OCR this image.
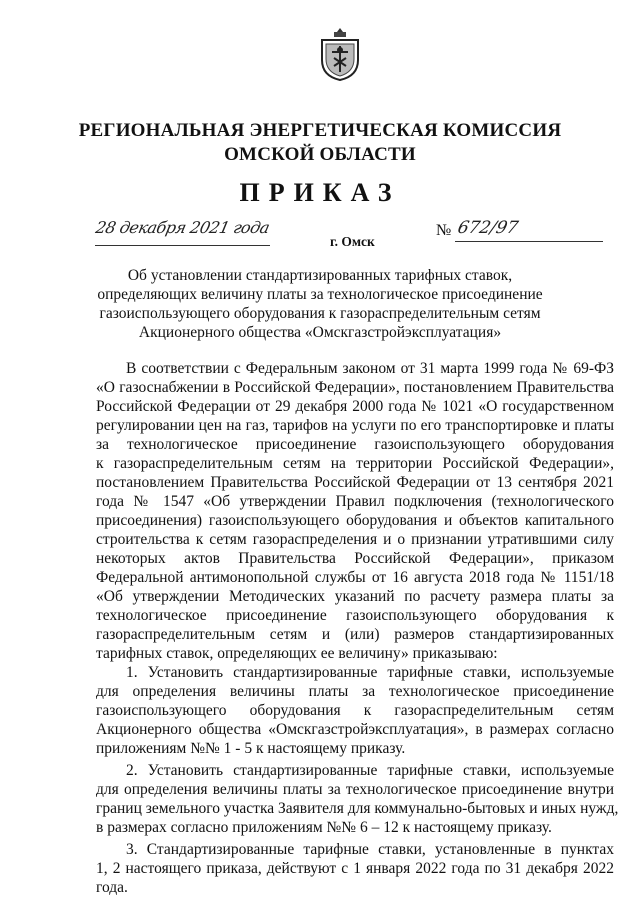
РЕГИОНАЛЬНАЯ ЭНЕРГЕТИЧЕСКАЯ КОМИССИЯ
ОМСКОЙ ОБЛАСТИ
ПРИКАЗ
28 декабря 2021 года
г. Омск
№ 672/97
Об установлении стандартизированных тарифных ставок,
определяющих величину платы за технологическое присоединение
газоиспользующего оборудования к газораспределительным сетям
Акционерного общества «Омскгазстройэксплуатация»
В соответствии с Федеральным законом от 31 марта 1999 года № 69-ФЗ
«О газоснабжении в Российской Федерации», постановлением Правительства
Российской Федерации от 29 декабря 2000 года № 1021 «О государственном
регулировании цен на газ, тарифов на услуги по его транспортировке и платы
за технологическое присоединение газоиспользующего оборудования
к газораспределительным сетям на территории Российской Федерации»,
постановлением Правительства Российской Федерации от 13 сентября 2021
года № 1547 «Об утверждении Правил подключения (технологического
присоединения) газоиспользующего оборудования и объектов капитального
строительства к сетям газораспределения и о признании утратившими силу
некоторых актов Правительства Российской Федерации», приказом
Федеральной антимонопольной службы от 16 августа 2018 года № 1151/18
«Об утверждении Методических указаний по расчету размера платы за
технологическое присоединение газоиспользующего оборудования к
газораспределительным сетям и (или) размеров стандартизированных
тарифных ставок, определяющих ее величину» приказываю:
1. Установить стандартизированные тарифные ставки, используемые
для определения величины платы за технологическое присоединение
газоиспользующего оборудования к газораспределительным сетям
Акционерного общества «Омскгазстройэксплуатация», в размерах согласно
приложениям №№ 1 - 5 к настоящему приказу.
2. Установить стандартизированные тарифные ставки, используемые
для определения величины платы за технологическое присоединение внутри
границ земельного участка Заявителя для коммунально-бытовых и иных нужд,
в размерах согласно приложениям №№ 6 – 12 к настоящему приказу.
3. Стандартизированные тарифные ставки, установленные в пунктах
1, 2 настоящего приказа, действуют с 1 января 2022 года по 31 декабря 2022
года.
